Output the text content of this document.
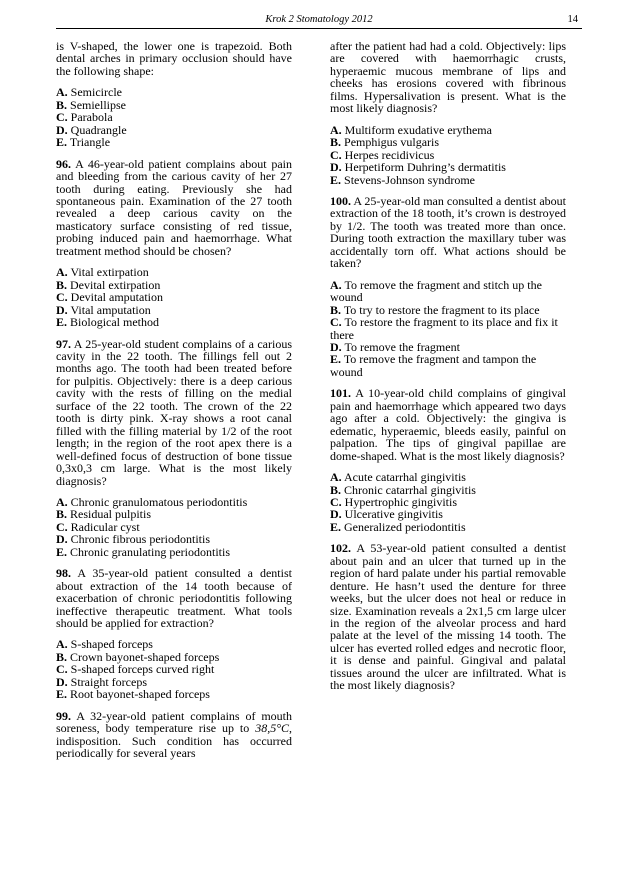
Krok 2 Stomatology 2012	14

is V-shaped, the lower one is trapezoid. Both dental arches in primary occlusion should have the following shape:

A. Semicircle
B. Semiellipse
C. Parabola
D. Quadrangle
E. Triangle

96. A 46-year-old patient complains about pain and bleeding from the carious cavity of her 27 tooth during eating. Previously she had spontaneous pain. Examination of the 27 tooth revealed a deep carious cavity on the masticatory surface consisting of red tissue, probing induced pain and haemorrhage. What treatment method should be chosen?

A. Vital extirpation
B. Devital extirpation
C. Devital amputation
D. Vital amputation
E. Biological method

97. A 25-year-old student complains of a carious cavity in the 22 tooth. The fillings fell out 2 months ago. The tooth had been treated before for pulpitis. Objectively: there is a deep carious cavity with the rests of filling on the medial surface of the 22 tooth. The crown of the 22 tooth is dirty pink. X-ray shows a root canal filled with the filling material by 1/2 of the root length; in the region of the root apex there is a well-defined focus of destruction of bone tissue 0,3x0,3 cm large. What is the most likely diagnosis?

A. Chronic granulomatous periodontitis
B. Residual pulpitis
C. Radicular cyst
D. Chronic fibrous periodontitis
E. Chronic granulating periodontitis

98. A 35-year-old patient consulted a dentist about extraction of the 14 tooth because of exacerbation of chronic periodontitis following ineffective therapeutic treatment. What tools should be applied for extraction?

A. S-shaped forceps
B. Crown bayonet-shaped forceps
C. S-shaped forceps curved right
D. Straight forceps
E. Root bayonet-shaped forceps

99. A 32-year-old patient complains of mouth soreness, body temperature rise up to 38,5°C, indisposition. Such condition has occurred periodically for several years

after the patient had had a cold. Objectively: lips are covered with haemorrhagic crusts, hyperaemic mucous membrane of lips and cheeks has erosions covered with fibrinous films. Hypersalivation is present. What is the most likely diagnosis?

A. Multiform exudative erythema
B. Pemphigus vulgaris
C. Herpes recidivicus
D. Herpetiform Duhring’s dermatitis
E. Stevens-Johnson syndrome

100. A 25-year-old man consulted a dentist about extraction of the 18 tooth, it’s crown is destroyed by 1/2. The tooth was treated more than once. During tooth extraction the maxillary tuber was accidentally torn off. What actions should be taken?

A. To remove the fragment and stitch up the wound
B. To try to restore the fragment to its place
C. To restore the fragment to its place and fix it there
D. To remove the fragment
E. To remove the fragment and tampon the wound

101. A 10-year-old child complains of gingival pain and haemorrhage which appeared two days ago after a cold. Objectively: the gingiva is edematic, hyperaemic, bleeds easily, painful on palpation. The tips of gingival papillae are dome-shaped. What is the most likely diagnosis?

A. Acute catarrhal gingivitis
B. Chronic catarrhal gingivitis
C. Hypertrophic gingivitis
D. Ulcerative gingivitis
E. Generalized periodontitis

102. A 53-year-old patient consulted a dentist about pain and an ulcer that turned up in the region of hard palate under his partial removable denture. He hasn’t used the denture for three weeks, but the ulcer does not heal or reduce in size. Examination reveals a 2x1,5 cm large ulcer in the region of the alveolar process and hard palate at the level of the missing 14 tooth. The ulcer has everted rolled edges and necrotic floor, it is dense and painful. Gingival and palatal tissues around the ulcer are infiltrated. What is the most likely diagnosis?
